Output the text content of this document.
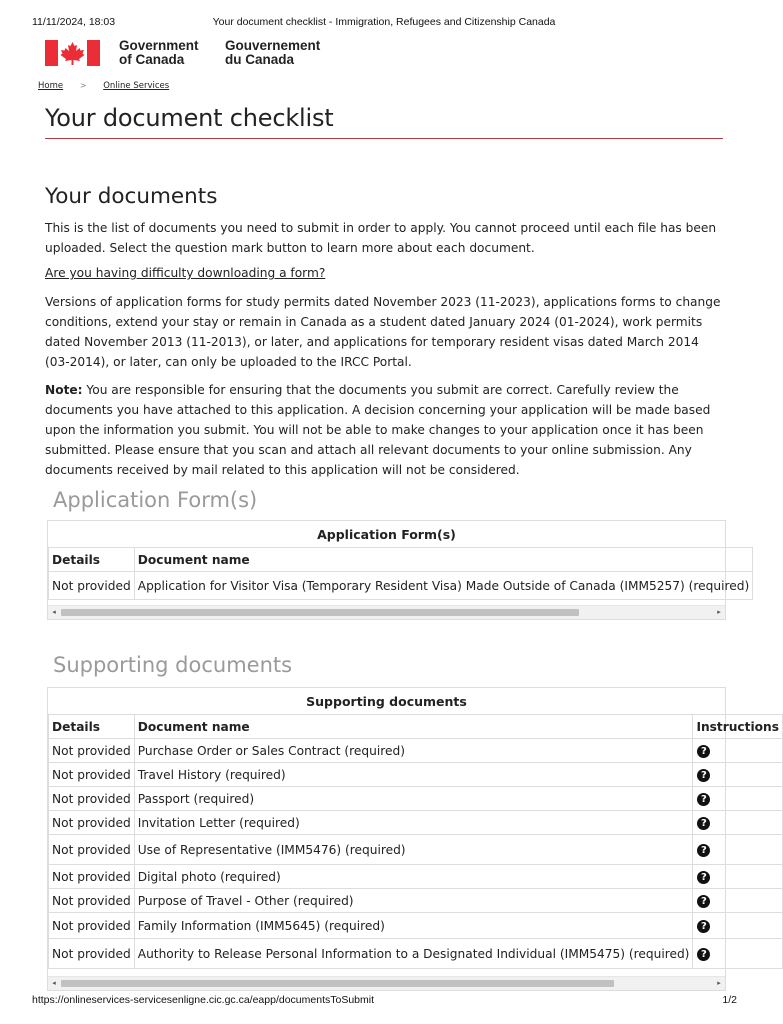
11/11/2024, 18:03	Your document checklist - Immigration, Refugees and Citizenship Canada
Government
of Canada
Gouvernement
du Canada
Home > Online Services
Your document checklist
Your documents

This is the list of documents you need to submit in order to apply. You cannot proceed until each file has been uploaded. Select the question mark button to learn more about each document.

Are you having difficulty downloading a form?

Versions of application forms for study permits dated November 2023 (11-2023), applications forms to change conditions, extend your stay or remain in Canada as a student dated January 2024 (01-2024), work permits dated November 2013 (11-2013), or later, and applications for temporary resident visas dated March 2014 (03-2014), or later, can only be uploaded to the IRCC Portal.

Note: You are responsible for ensuring that the documents you submit are correct. Carefully review the documents you have attached to this application. A decision concerning your application will be made based upon the information you submit. You will not be able to make changes to your application once it has been submitted. Please ensure that you scan and attach all relevant documents to your online submission. Any documents received by mail related to this application will not be considered.

Application Form(s)
Application Form(s)
Details	Document name
Not provided	Application for Visitor Visa (Temporary Resident Visa) Made Outside of Canada (IMM5257) (required)
◂	▸
Supporting documents
Supporting documents
Details	Document name	Instructions
Not provided	Purchase Order or Sales Contract (required)	?
Not provided	Travel History (required)	?
Not provided	Passport (required)	?
Not provided	Invitation Letter (required)	?
Not provided	Use of Representative (IMM5476) (required)	?
Not provided	Digital photo (required)	?
Not provided	Purpose of Travel - Other (required)	?
Not provided	Family Information (IMM5645) (required)	?
Not provided	Authority to Release Personal Information to a Designated Individual (IMM5475) (required)	?
◂	▸
https://onlineservices-servicesenligne.cic.gc.ca/eapp/documentsToSubmit	1/2
